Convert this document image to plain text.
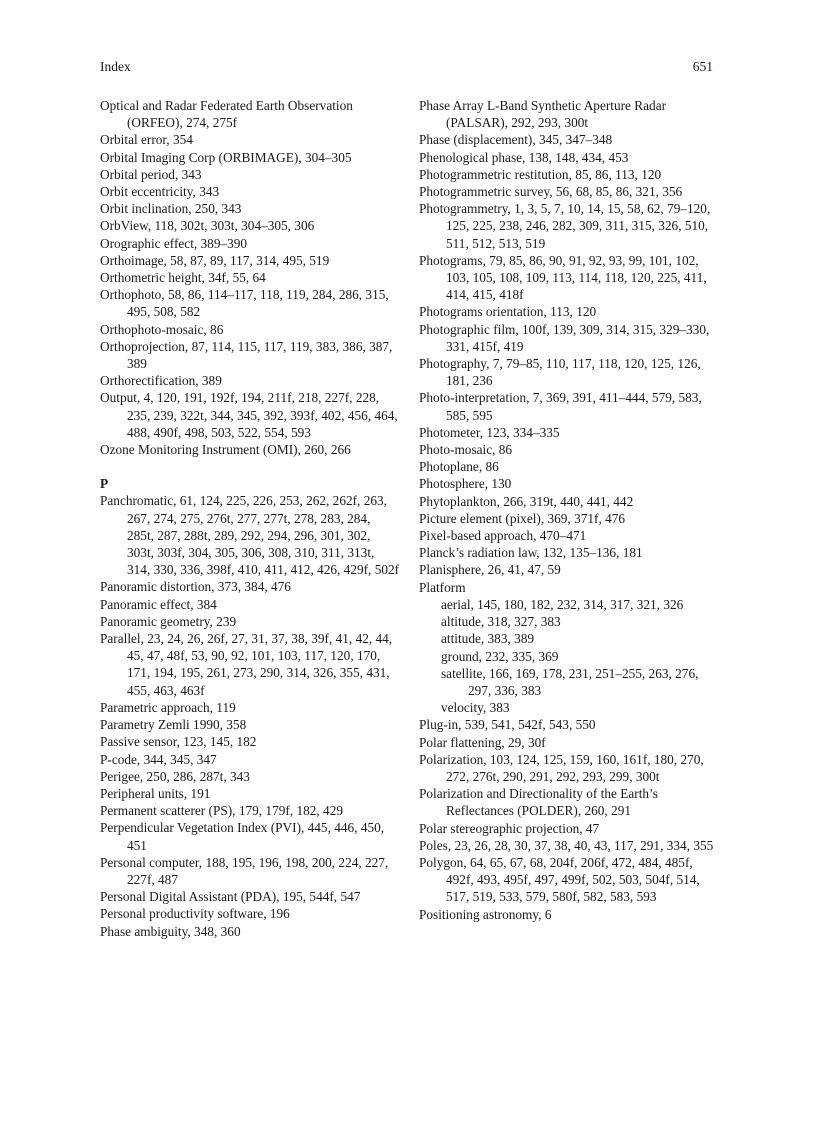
Index	651
Optical and Radar Federated Earth Observation (ORFEO), 274, 275f
Orbital error, 354
Orbital Imaging Corp (ORBIMAGE), 304–305
Orbital period, 343
Orbit eccentricity, 343
Orbit inclination, 250, 343
OrbView, 118, 302t, 303t, 304–305, 306
Orographic effect, 389–390
Orthoimage, 58, 87, 89, 117, 314, 495, 519
Orthometric height, 34f, 55, 64
Orthophoto, 58, 86, 114–117, 118, 119, 284, 286, 315, 495, 508, 582
Orthophoto-mosaic, 86
Orthoprojection, 87, 114, 115, 117, 119, 383, 386, 387, 389
Orthorectification, 389
Output, 4, 120, 191, 192f, 194, 211f, 218, 227f, 228, 235, 239, 322t, 344, 345, 392, 393f, 402, 456, 464, 488, 490f, 498, 503, 522, 554, 593
Ozone Monitoring Instrument (OMI), 260, 266
P
Panchromatic, 61, 124, 225, 226, 253, 262, 262f, 263, 267, 274, 275, 276t, 277, 277t, 278, 283, 284, 285t, 287, 288t, 289, 292, 294, 296, 301, 302, 303t, 303f, 304, 305, 306, 308, 310, 311, 313t, 314, 330, 336, 398f, 410, 411, 412, 426, 429f, 502f
Panoramic distortion, 373, 384, 476
Panoramic effect, 384
Panoramic geometry, 239
Parallel, 23, 24, 26, 26f, 27, 31, 37, 38, 39f, 41, 42, 44, 45, 47, 48f, 53, 90, 92, 101, 103, 117, 120, 170, 171, 194, 195, 261, 273, 290, 314, 326, 355, 431, 455, 463, 463f
Parametric approach, 119
Parametry Zemli 1990, 358
Passive sensor, 123, 145, 182
P-code, 344, 345, 347
Perigee, 250, 286, 287t, 343
Peripheral units, 191
Permanent scatterer (PS), 179, 179f, 182, 429
Perpendicular Vegetation Index (PVI), 445, 446, 450, 451
Personal computer, 188, 195, 196, 198, 200, 224, 227, 227f, 487
Personal Digital Assistant (PDA), 195, 544f, 547
Personal productivity software, 196
Phase ambiguity, 348, 360
Phase Array L-Band Synthetic Aperture Radar (PALSAR), 292, 293, 300t
Phase (displacement), 345, 347–348
Phenological phase, 138, 148, 434, 453
Photogrammetric restitution, 85, 86, 113, 120
Photogrammetric survey, 56, 68, 85, 86, 321, 356
Photogrammetry, 1, 3, 5, 7, 10, 14, 15, 58, 62, 79–120, 125, 225, 238, 246, 282, 309, 311, 315, 326, 510, 511, 512, 513, 519
Photograms, 79, 85, 86, 90, 91, 92, 93, 99, 101, 102, 103, 105, 108, 109, 113, 114, 118, 120, 225, 411, 414, 415, 418f
Photograms orientation, 113, 120
Photographic film, 100f, 139, 309, 314, 315, 329–330, 331, 415f, 419
Photography, 7, 79–85, 110, 117, 118, 120, 125, 126, 181, 236
Photo-interpretation, 7, 369, 391, 411–444, 579, 583, 585, 595
Photometer, 123, 334–335
Photo-mosaic, 86
Photoplane, 86
Photosphere, 130
Phytoplankton, 266, 319t, 440, 441, 442
Picture element (pixel), 369, 371f, 476
Pixel-based approach, 470–471
Planck’s radiation law, 132, 135–136, 181
Planisphere, 26, 41, 47, 59
Platform
aerial, 145, 180, 182, 232, 314, 317, 321, 326
altitude, 318, 327, 383
attitude, 383, 389
ground, 232, 335, 369
satellite, 166, 169, 178, 231, 251–255, 263, 276, 297, 336, 383
velocity, 383
Plug-in, 539, 541, 542f, 543, 550
Polar flattening, 29, 30f
Polarization, 103, 124, 125, 159, 160, 161f, 180, 270, 272, 276t, 290, 291, 292, 293, 299, 300t
Polarization and Directionality of the Earth’s Reflectances (POLDER), 260, 291
Polar stereographic projection, 47
Poles, 23, 26, 28, 30, 37, 38, 40, 43, 117, 291, 334, 355
Polygon, 64, 65, 67, 68, 204f, 206f, 472, 484, 485f, 492f, 493, 495f, 497, 499f, 502, 503, 504f, 514, 517, 519, 533, 579, 580f, 582, 583, 593
Positioning astronomy, 6
